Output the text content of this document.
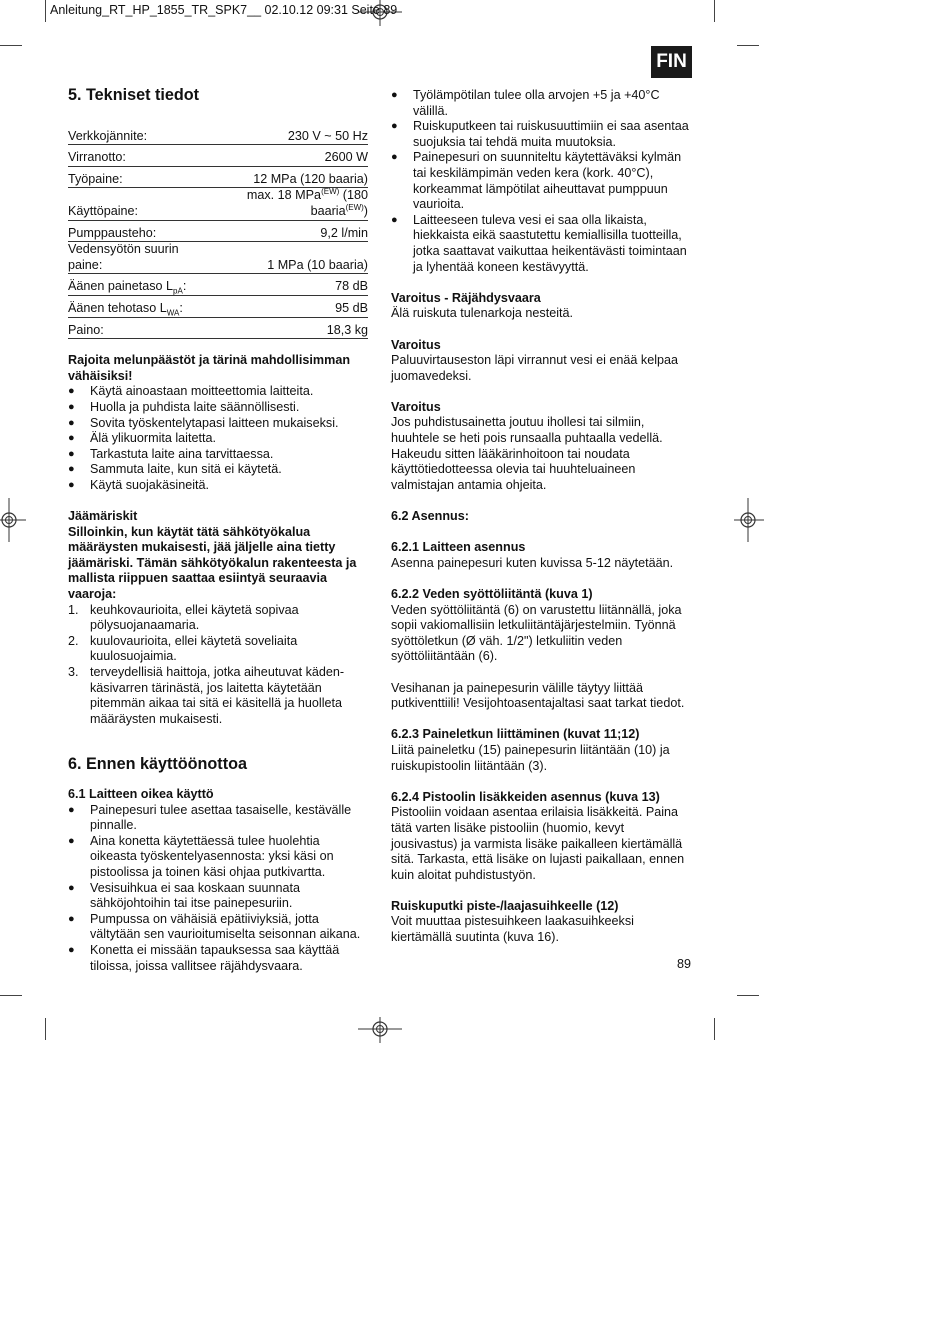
Anleitung_RT_HP_1855_TR_SPK7__ 02.10.12 09:31 Seite 89
FIN
5. Tekniset tiedot
Verkkojännite:	230 V ~ 50 Hz
Virranotto:	2600 W
Työpaine:	12 MPa (120 baaria)
Käyttöpaine:	max. 18 MPa$^{(EW)}$ (180 baaria$^{(EW)}$)
Pumppausteho:	9,2 l/min
Vedensyötön suurin paine:	1 MPa (10 baaria)
Äänen painetaso $L_{pA}$:	78 dB
Äänen tehotaso $L_{WA}$:	95 dB
Paino:	18,3 kg

Rajoita melunpäästöt ja tärinä mahdollisimman vähäisiksi!

● Käytä ainoastaan moitteettomia laitteita.
● Huolla ja puhdista laite säännöllisesti.
● Sovita työskentelytapasi laitteen mukaiseksi.
● Älä ylikuormita laitetta.
● Tarkastuta laite aina tarvittaessa.
● Sammuta laite, kun sitä ei käytetä.
● Käytä suojakäsineitä.

Jäämäriskit

Silloinkin, kun käytät tätä sähkötyökalua määräysten mukaisesti, jää jäljelle aina tietty jäämäriski. Tämän sähkötyökalun rakenteesta ja mallista riippuen saattaa esiintyä seuraavia vaaroja:

1. keuhkovaurioita, ellei käytetä sopivaa pölysuojanaamaria.
2. kuulovaurioita, ellei käytetä soveliaita kuulosuojaimia.
3. terveydellisiä haittoja, jotka aiheutuvat käden-käsivarren tärinästä, jos laitetta käytetään pitemmän aikaa tai sitä ei käsitellä ja huolleta määräysten mukaisesti.
6. Ennen käyttöönottoa

6.1 Laitteen oikea käyttö

● Painepesuri tulee asettaa tasaiselle, kestävälle pinnalle.
● Aina konetta käytettäessä tulee huolehtia oikeasta työskentelyasennosta: yksi käsi on pistoolissa ja toinen käsi ohjaa putkivartta.
● Vesisuihkua ei saa koskaan suunnata sähköjohtoihin tai itse painepesuriin.
● Pumpussa on vähäisiä epätiiviyksiä, jotta vältytään sen vaurioitumiselta seisonnan aikana.
● Konetta ei missään tapauksessa saa käyttää tiloissa, joissa vallitsee räjähdysvaara.
● Työlämpötilan tulee olla arvojen +5 ja +40°C välillä.
● Ruiskuputkeen tai ruiskusuuttimiin ei saa asentaa suojuksia tai tehdä muita muutoksia.
● Painepesuri on suunniteltu käytettäväksi kylmän tai keskilämpimän veden kera (kork. 40°C), korkeammat lämpötilat aiheuttavat pumppuun vaurioita.
● Laitteeseen tuleva vesi ei saa olla likaista, hiekkaista eikä saastutettu kemiallisilla tuotteilla, jotka saattavat vaikuttaa heikentävästi toimintaan ja lyhentää koneen kestävyyttä.

Varoitus - Räjähdysvaara

Älä ruiskuta tulenarkoja nesteitä.

Varoitus

Paluuvirtauseston läpi virrannut vesi ei enää kelpaa juomavedeksi.

Varoitus

Jos puhdistusainetta joutuu ihollesi tai silmiin, huuhtele se heti pois runsaalla puhtaalla vedellä. Hakeudu sitten lääkärinhoitoon tai noudata käyttötiedotteessa olevia tai huuhteluaineen valmistajan antamia ohjeita.

6.2 Asennus:

6.2.1 Laitteen asennus

Asenna painepesuri kuten kuvissa 5-12 näytetään.

6.2.2 Veden syöttöliitäntä (kuva 1)

Veden syöttöliitäntä (6) on varustettu liitännällä, joka sopii vakiomallisiin letkuliitäntäjärjestelmiin. Työnnä syöttöletkun (Ø väh. 1/2") letkuliitin veden syöttöliitäntään (6).

Vesihanan ja painepesurin välille täytyy liittää putkiventtiili! Vesijohtoasentajaltasi saat tarkat tiedot.

6.2.3 Paineletkun liittäminen (kuvat 11;12)

Liitä paineletku (15) painepesurin liitäntään (10) ja ruiskupistoolin liitäntään (3).

6.2.4 Pistoolin lisäkkeiden asennus (kuva 13)

Pistooliin voidaan asentaa erilaisia lisäkkeitä. Paina tätä varten lisäke pistooliin (huomio, kevyt jousivastus) ja varmista lisäke paikalleen kiertämällä sitä. Tarkasta, että lisäke on lujasti paikallaan, ennen kuin aloitat puhdistustyön.

Ruiskuputki piste-/laajasuihkeelle (12)

Voit muuttaa pistesuihkeen laakasuihkeeksi kiertämällä suutinta (kuva 16).

89
